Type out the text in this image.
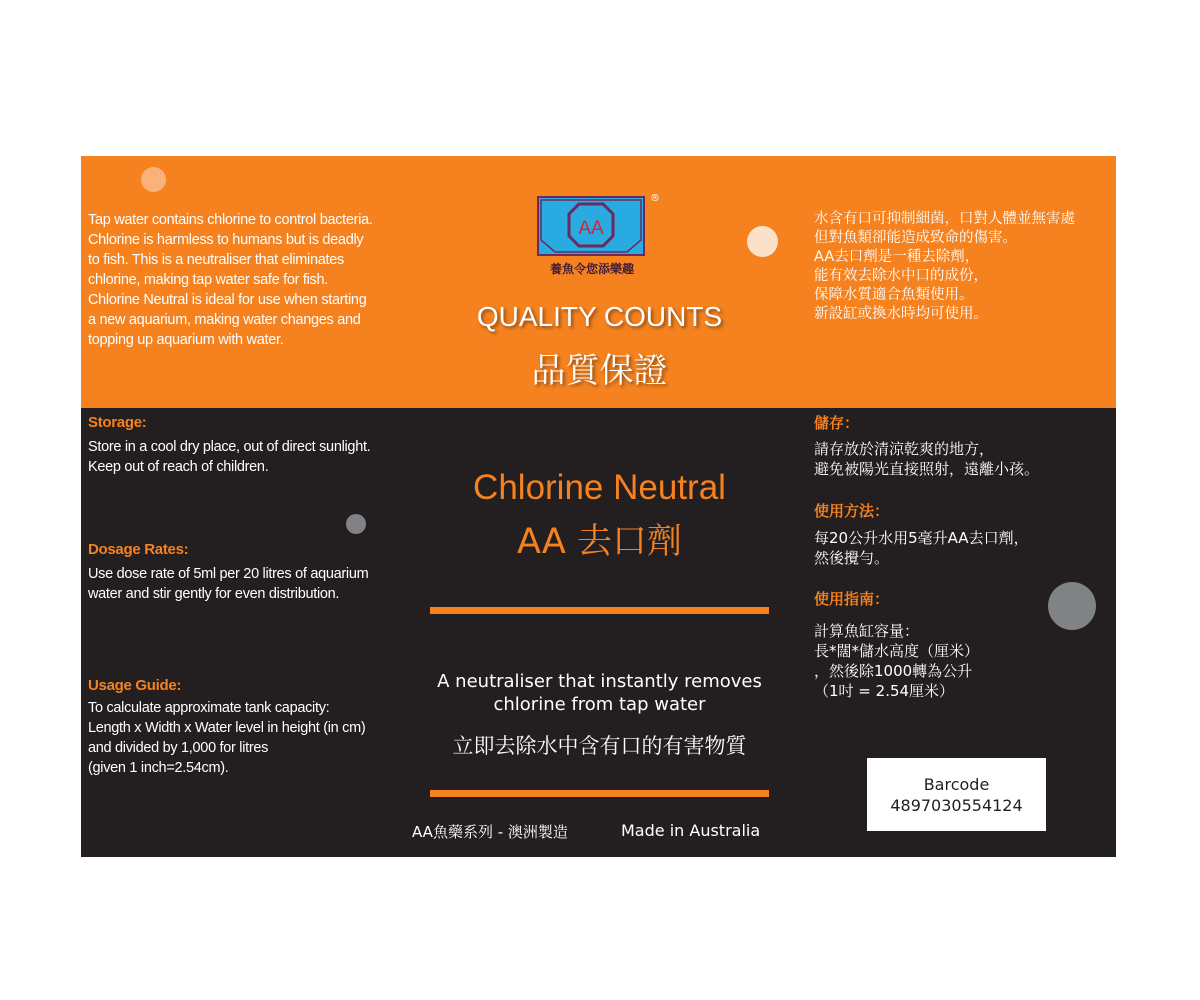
Tap water contains chlorine to control bacteria.
Chlorine is harmless to humans but is deadly
to fish. This is a neutraliser that eliminates
chlorine, making tap water safe for fish.
Chlorine Neutral is ideal for use when starting
a new aquarium, making water changes and
topping up aquarium with water.
水含有口可抑制細菌，口對人體並無害處
但對魚類卻能造成致命的傷害。
AA去口劑是一種去除劑，
能有效去除水中口的成份，
保障水質適合魚類使用。
新設缸或換水時均可使用。
AA
®
養魚令您添樂趣
QUALITY COUNTS
品質保證
Storage:
Store in a cool dry place, out of direct sunlight.
Keep out of reach of children.
Dosage Rates:
Use dose rate of 5ml per 20 litres of aquarium
water and stir gently for even distribution.
Usage Guide:
To calculate approximate tank capacity:
Length x Width x Water level in height (in cm)
and divided by 1,000 for litres
(given 1 inch=2.54cm).
Chlorine Neutral
AA 去口劑
A neutraliser that instantly removes
chlorine from tap water
立即去除水中含有口的有害物質
AA魚藥系列 - 澳洲製造	Made in Australia
儲存：
請存放於清涼乾爽的地方，
避免被陽光直接照射，遠離小孩。
使用方法：
每20公升水用5毫升AA去口劑，
然後攪勻。
使用指南：
計算魚缸容量：
長*闊*儲水高度（厘米）
，然後除1000轉為公升
（1吋 = 2.54厘米）
Barcode
4897030554124
